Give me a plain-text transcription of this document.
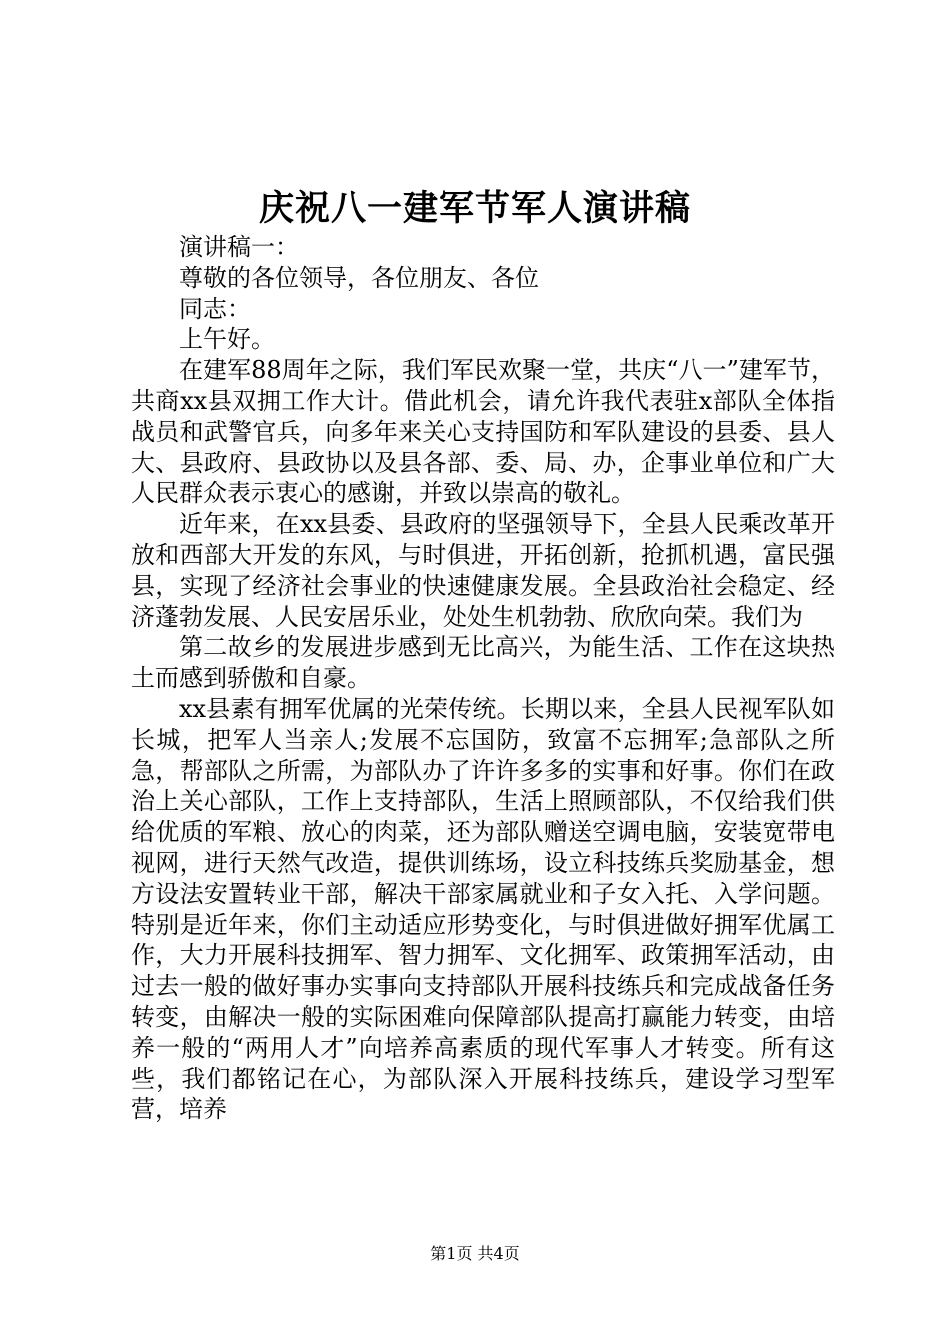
庆祝八一建军节军人演讲稿

演讲稿一：

尊敬的各位领导，各位朋友、各位

同志：

上午好。

在建军88周年之际，我们军民欢聚一堂，共庆“八一”建军节，共商xx县双拥工作大计。借此机会，请允许我代表驻x部队全体指战员和武警官兵，向多年来关心支持国防和军队建设的县委、县人大、县政府、县政协以及县各部、委、局、办，企事业单位和广大人民群众表示衷心的感谢，并致以崇高的敬礼。

近年来，在xx县委、县政府的坚强领导下，全县人民乘改革开放和西部大开发的东风，与时俱进，开拓创新，抢抓机遇，富民强县，实现了经济社会事业的快速健康发展。全县政治社会稳定、经济蓬勃发展、人民安居乐业，处处生机勃勃、欣欣向荣。我们为

第二故乡的发展进步感到无比高兴，为能生活、工作在这块热土而感到骄傲和自豪。

xx县素有拥军优属的光荣传统。长期以来，全县人民视军队如长城，把军人当亲人;发展不忘国防，致富不忘拥军;急部队之所急，帮部队之所需，为部队办了许许多多的实事和好事。你们在政治上关心部队，工作上支持部队，生活上照顾部队，不仅给我们供给优质的军粮、放心的肉菜，还为部队赠送空调电脑，安装宽带电视网，进行天然气改造，提供训练场，设立科技练兵奖励基金，想方设法安置转业干部，解决干部家属就业和子女入托、入学问题。特别是近年来，你们主动适应形势变化，与时俱进做好拥军优属工作，大力开展科技拥军、智力拥军、文化拥军、政策拥军活动，由过去一般的做好事办实事向支持部队开展科技练兵和完成战备任务转变，由解决一般的实际困难向保障部队提高打赢能力转变，由培养一般的“两用人才”向培养高素质的现代军事人才转变。所有这些，我们都铭记在心，为部队深入开展科技练兵，建设学习型军营，培养

第1页 共4页
